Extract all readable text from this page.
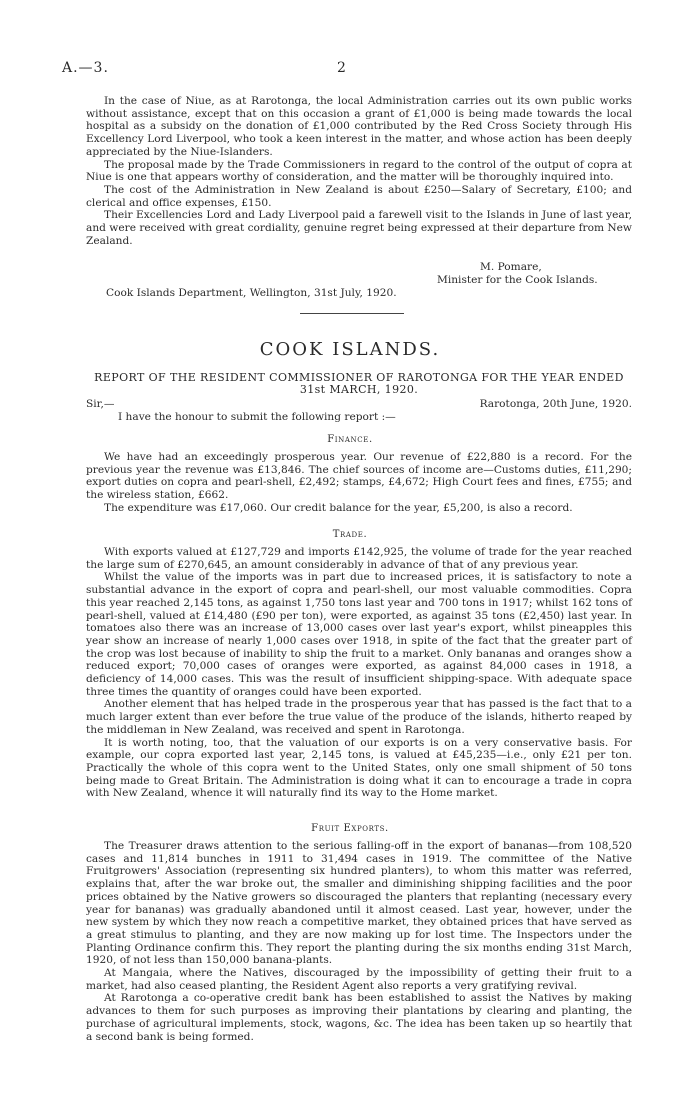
A.—3.	2

In the case of Niue, as at Rarotonga, the local Administration carries out its own public works without assistance, except that on this occasion a grant of £1,000 is being made towards the local hospital as a subsidy on the donation of £1,000 contributed by the Red Cross Society through His Excellency Lord Liverpool, who took a keen interest in the matter, and whose action has been deeply appreciated by the Niue-Islanders.

The proposal made by the Trade Commissioners in regard to the control of the output of copra at Niue is one that appears worthy of consideration, and the matter will be thoroughly inquired into.

The cost of the Administration in New Zealand is about £250—Salary of Secretary, £100; and clerical and office expenses, £150.

Their Excellencies Lord and Lady Liverpool paid a farewell visit to the Islands in June of last year, and were received with great cordiality, genuine regret being expressed at their departure from New Zealand.

M. Pomare,
Minister for the Cook Islands.
Cook Islands Department, Wellington, 31st July, 1920.
COOK ISLANDS.
REPORT OF THE RESIDENT COMMISSIONER OF RAROTONGA FOR THE YEAR ENDED
31st MARCH, 1920.
Sir,—	Rarotonga, 20th June, 1920.
I have the honour to submit the following report :—
Finance.

We have had an exceedingly prosperous year. Our revenue of £22,880 is a record. For the previous year the revenue was £13,846. The chief sources of income are—Customs duties, £11,290; export duties on copra and pearl-shell, £2,492; stamps, £4,672; High Court fees and fines, £755; and the wireless station, £662.

The expenditure was £17,060. Our credit balance for the year, £5,200, is also a record.

Trade.

With exports valued at £127,729 and imports £142,925, the volume of trade for the year reached the large sum of £270,645, an amount considerably in advance of that of any previous year.

Whilst the value of the imports was in part due to increased prices, it is satisfactory to note a substantial advance in the export of copra and pearl-shell, our most valuable commodities. Copra this year reached 2,145 tons, as against 1,750 tons last year and 700 tons in 1917; whilst 162 tons of pearl-shell, valued at £14,480 (£90 per ton), were exported, as against 35 tons (£2,450) last year. In tomatoes also there was an increase of 13,000 cases over last year's export, whilst pineapples this year show an increase of nearly 1,000 cases over 1918, in spite of the fact that the greater part of the crop was lost because of inability to ship the fruit to a market. Only bananas and oranges show a reduced export; 70,000 cases of oranges were exported, as against 84,000 cases in 1918, a deficiency of 14,000 cases. This was the result of insufficient shipping-space. With adequate space three times the quantity of oranges could have been exported.

Another element that has helped trade in the prosperous year that has passed is the fact that to a much larger extent than ever before the true value of the produce of the islands, hitherto reaped by the middleman in New Zealand, was received and spent in Rarotonga.

It is worth noting, too, that the valuation of our exports is on a very conservative basis. For example, our copra exported last year, 2,145 tons, is valued at £45,235—i.e., only £21 per ton. Practically the whole of this copra went to the United States, only one small shipment of 50 tons being made to Great Britain. The Administration is doing what it can to encourage a trade in copra with New Zealand, whence it will naturally find its way to the Home market.

Fruit Exports.

The Treasurer draws attention to the serious falling-off in the export of bananas—from 108,520 cases and 11,814 bunches in 1911 to 31,494 cases in 1919. The committee of the Native Fruitgrowers' Association (representing six hundred planters), to whom this matter was referred, explains that, after the war broke out, the smaller and diminishing shipping facilities and the poor prices obtained by the Native growers so discouraged the planters that replanting (necessary every year for bananas) was gradually abandoned until it almost ceased. Last year, however, under the new system by which they now reach a competitive market, they obtained prices that have served as a great stimulus to planting, and they are now making up for lost time. The Inspectors under the Planting Ordinance confirm this. They report the planting during the six months ending 31st March, 1920, of not less than 150,000 banana-plants.

At Mangaia, where the Natives, discouraged by the impossibility of getting their fruit to a market, had also ceased planting, the Resident Agent also reports a very gratifying revival.

At Rarotonga a co-operative credit bank has been established to assist the Natives by making advances to them for such purposes as improving their plantations by clearing and planting, the purchase of agricultural implements, stock, wagons, &c. The idea has been taken up so heartily that a second bank is being formed.
